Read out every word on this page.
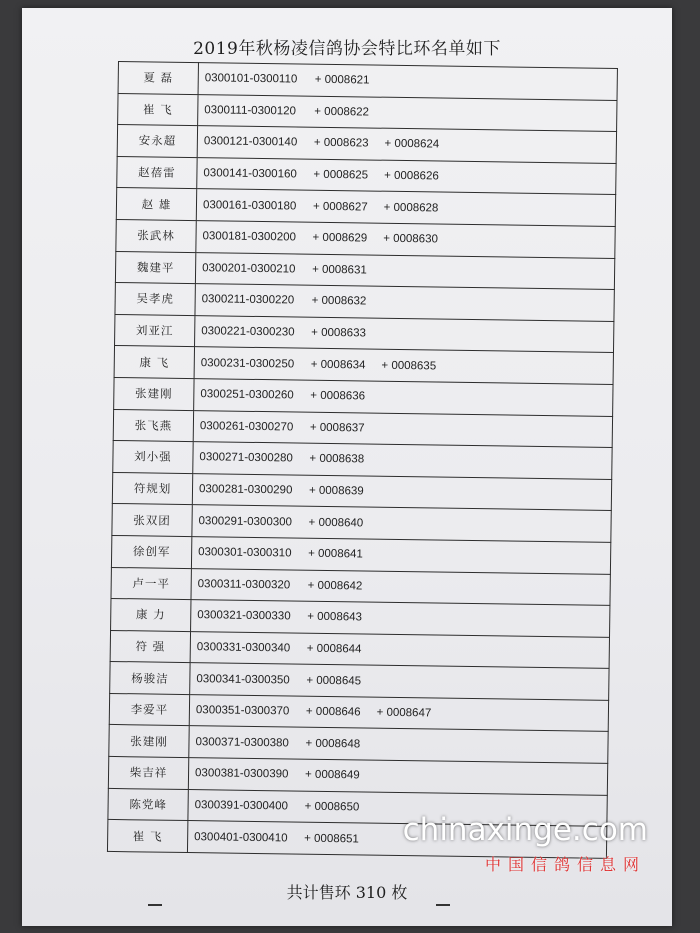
2019年秋杨凌信鸽协会特比环名单如下
夏 磊	0300101-0300110 + 0008621
崔 飞	0300111-0300120 + 0008622
安永超	0300121-0300140 + 0008623 + 0008624
赵蓓雷	0300141-0300160 + 0008625 + 0008626
赵 雄	0300161-0300180 + 0008627 + 0008628
张武林	0300181-0300200 + 0008629 + 0008630
魏建平	0300201-0300210 + 0008631
吴孝虎	0300211-0300220 + 0008632
刘亚江	0300221-0300230 + 0008633
康 飞	0300231-0300250 + 0008634 + 0008635
张建刚	0300251-0300260 + 0008636
张飞燕	0300261-0300270 + 0008637
刘小强	0300271-0300280 + 0008638
符规划	0300281-0300290 + 0008639
张双团	0300291-0300300 + 0008640
徐创军	0300301-0300310 + 0008641
卢一平	0300311-0300320 + 0008642
康 力	0300321-0300330 + 0008643
符 强	0300331-0300340 + 0008644
杨骏洁	0300341-0300350 + 0008645
李爱平	0300351-0300370 + 0008646 + 0008647
张建刚	0300371-0300380 + 0008648
柴吉祥	0300381-0300390 + 0008649
陈党峰	0300391-0300400 + 0008650
崔 飞	0300401-0300410 + 0008651
共计售环 310 枚
chinaxinge.com
中国信鸽信息网
